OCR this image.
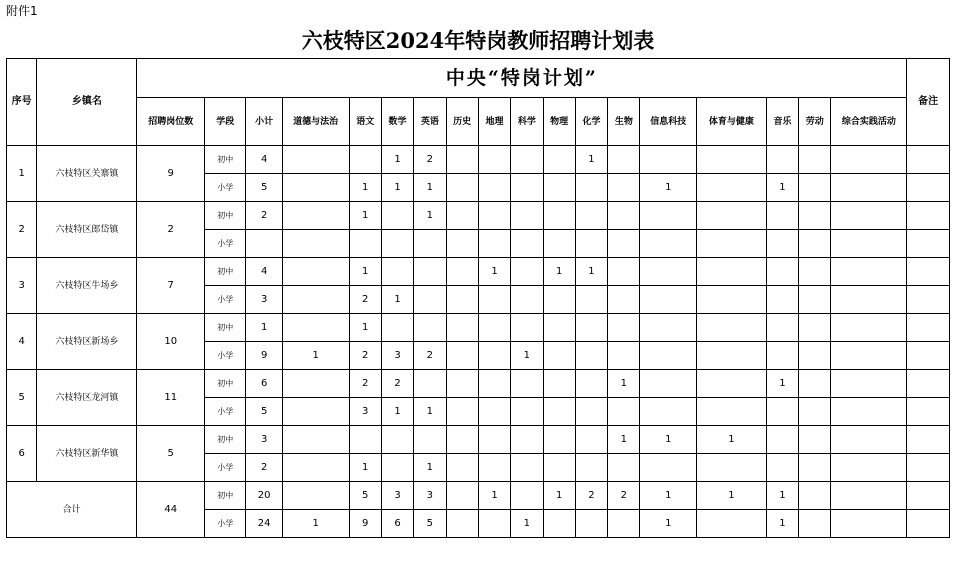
附件1
六枝特区2024年特岗教师招聘计划表
序号	乡镇名	中央“特岗计划”																		备注
		招聘岗位数	学段	小计	道德与法治	语文	数学	英语	历史	地理	科学	物理	化学	生物	信息科技	体育与健康	音乐	劳动	综合实践活动	
1	六枝特区关寨镇	9	初中	4			1	2					1							
			小学	5		1	1	1							1		1			
2	六枝特区郎岱镇	2	初中	2		1		1												
			小学																	
3	六枝特区牛场乡	7	初中	4		1				1		1	1							
			小学	3		2	1													
4	六枝特区新场乡	10	初中	1		1														
			小学	9	1	2	3	2			1									
5	六枝特区龙河镇	11	初中	6		2	2							1			1			
			小学	5		3	1	1												
6	六枝特区新华镇	5	初中	3										1	1	1				
			小学	2		1		1												
合计		44	初中	20		5	3	3		1		1	2	2	1	1	1			
			小学	24	1	9	6	5			1				1		1			
